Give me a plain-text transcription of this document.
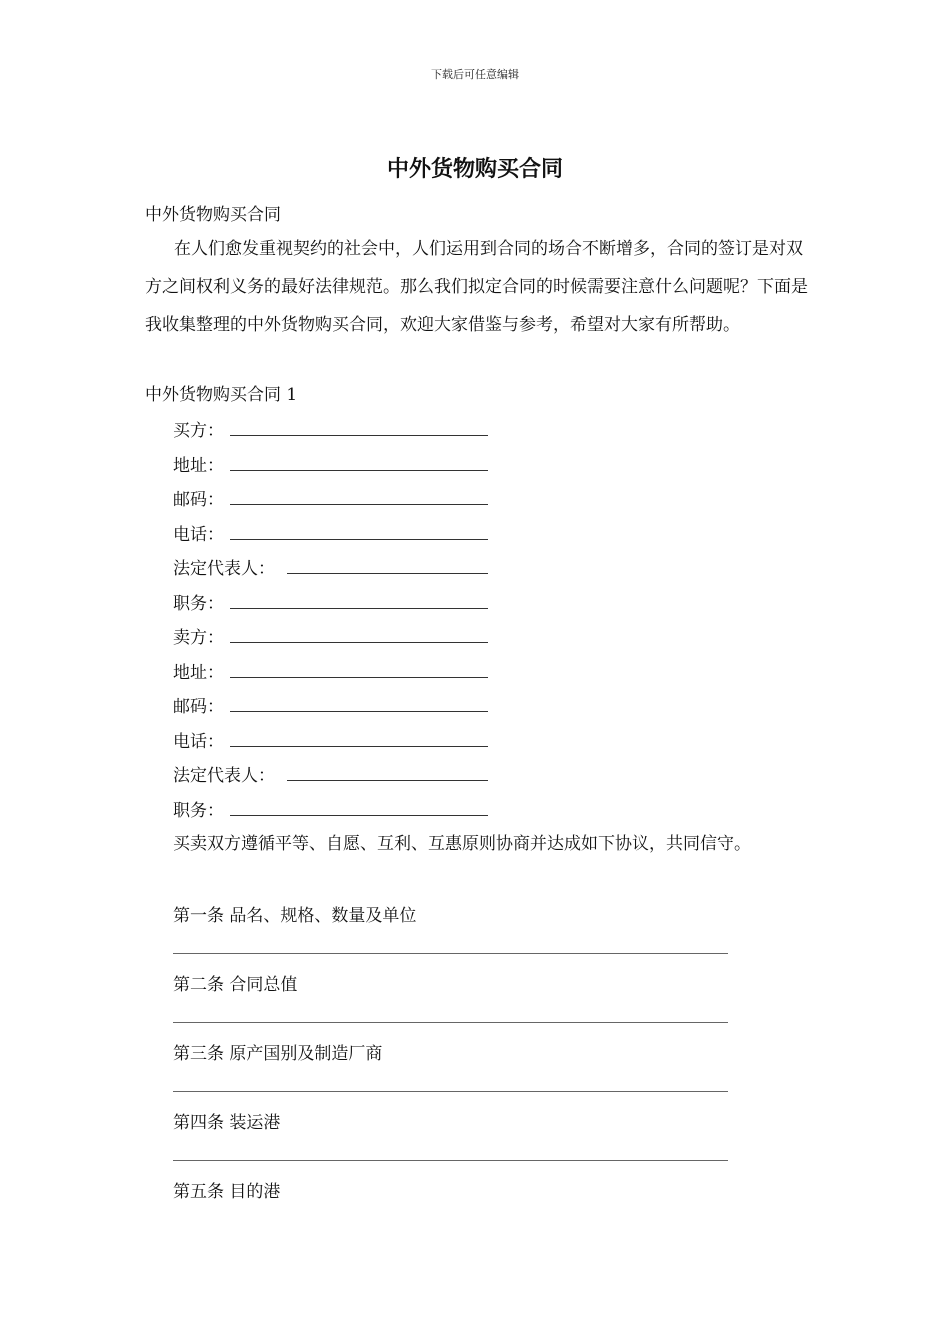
下载后可任意编辑
中外货物购买合同
中外货物购买合同
在人们愈发重视契约的社会中，人们运用到合同的场合不断增多，合同的签订是对双方之间权利义务的最好法律规范。那么我们拟定合同的时候需要注意什么问题呢？下面是我收集整理的中外货物购买合同，欢迎大家借鉴与参考，希望对大家有所帮助。
中外货物购买合同 1
买方：
地址：
邮码：
电话：
法定代表人：
职务：
卖方：
地址：
邮码：
电话：
法定代表人：
职务：
买卖双方遵循平等、自愿、互利、互惠原则协商并达成如下协议，共同信守。
第一条 品名、规格、数量及单位
第二条 合同总值
第三条 原产国别及制造厂商
第四条 装运港
第五条 目的港
